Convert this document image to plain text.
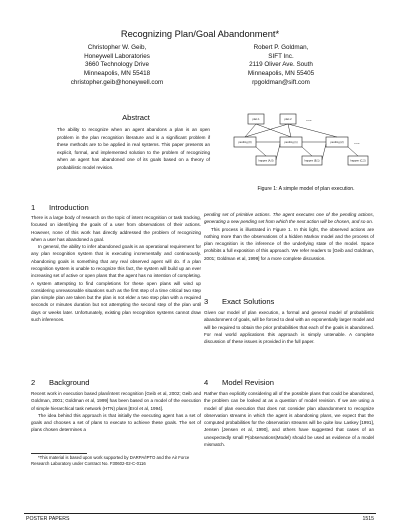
Recognizing Plan/Goal Abandonment*
Christopher W. Geib,
Honeywell Laboratories
3660 Technology Drive
Minneapolis, MN 55418
christopher.geib@honeywell.com
Robert P. Goldman,
SIFT Inc.
2119 Oliver Ave. South
Minneapolis, MN 55405
rpgoldman@sift.com
Abstract

The ability to recognize when an agent abandons a plan is an open problem in the plan recognition literature and is a significant problem if these methods are to be applied in real systems. This paper presents an explicit, formal, and implemented solution to the problem of recognizing when an agent has abandoned one of its goals based on a theory of probabilistic model revision.

plan 1	plan 2
pending (0)	pending (1)	pending (2)
happen (A,0)	happen (B,1)	happen (C,2)
...
...
Figure 1: A simple model of plan execution.
1 Introduction

There is a large body of research on the topic of intent recognition or task tracking, focused on identifying the goals of a user from observations of their actions. However, none of this work has directly addressed the problem of recognizing when a user has abandoned a goal.

In general, the ability to infer abandoned goals is an operational requirement for any plan recognition system that is executing incrementally and continuously. Abandoning goals is something that any real observed agent will do. If a plan recognition system is unable to recognize this fact, the system will build up an ever increasing set of active or open plans that the agent has no intention of completing. A system attempting to find completions for these open plans will wind up considering unreasonable situations such as the first step of a time critical two step plan simple plan are taken but the plan is not elder a two step plan with a required seconds or minutes duration but not attempting the second step of the plan until days or weeks later. Unfortunately, existing plan recognition systems cannot draw such inferences.

2 Background

Recent work in execution based plan/intent recognition [Geib et al, 2002; Geib and Goldman, 2001; Goldman et al, 1999] has been based on a model of the execution of simple hierarchical task network (HTN) plans [Erol et al, 1994].

The idea behind this approach is that initially the executing agent has a set of goals and chooses a set of plans to execute to achieve these goals. The set of plans chosen determines a

*This material is based upon work supported by DARPA/IPTO and the Air Force Research Laboratory under Contract No. F30602-02-C-0116

pending set of primitive actions. The agent executes one of the pending actions, generating a new pending set from which the next action will be chosen, and so on.

This process is illustrated in Figure 1. In this light, the observed actions are nothing more than the observations of a hidden Markov model and the process of plan recognition is the inference of the underlying state of the model. Space prohibits a full exposition of this approach. We refer readers to [Geib and Goldman, 2001; Goldman et al, 1999] for a more complete discussion.

3 Exact Solutions

Given our model of plan execution, a formal and general model of probabilistic abandonment of goals, will be forced to deal with an exponentially larger model and will be required to obtain the prior probabilities that each of the goals is abandoned. For real world applications this approach is simply untenable. A complete discussion of these issues is provided in the full paper.

4 Model Revision

Rather than explicitly considering all of the possible plans that could be abandoned, the problem can be looked at as a question of model revision. If we are using a model of plan execution that does not consider plan abandonment to recognize observation streams in which the agent is abandoning plans, we expect that the computed probabilities for the observation streams will be quite low. Laskey [1991], Jensen [Jensen et al, 1990], and others have suggested that cases of an unexpectedly small P(observations|Model) should be used as evidence of a model mismatch.

POSTER PAPERS	1515
